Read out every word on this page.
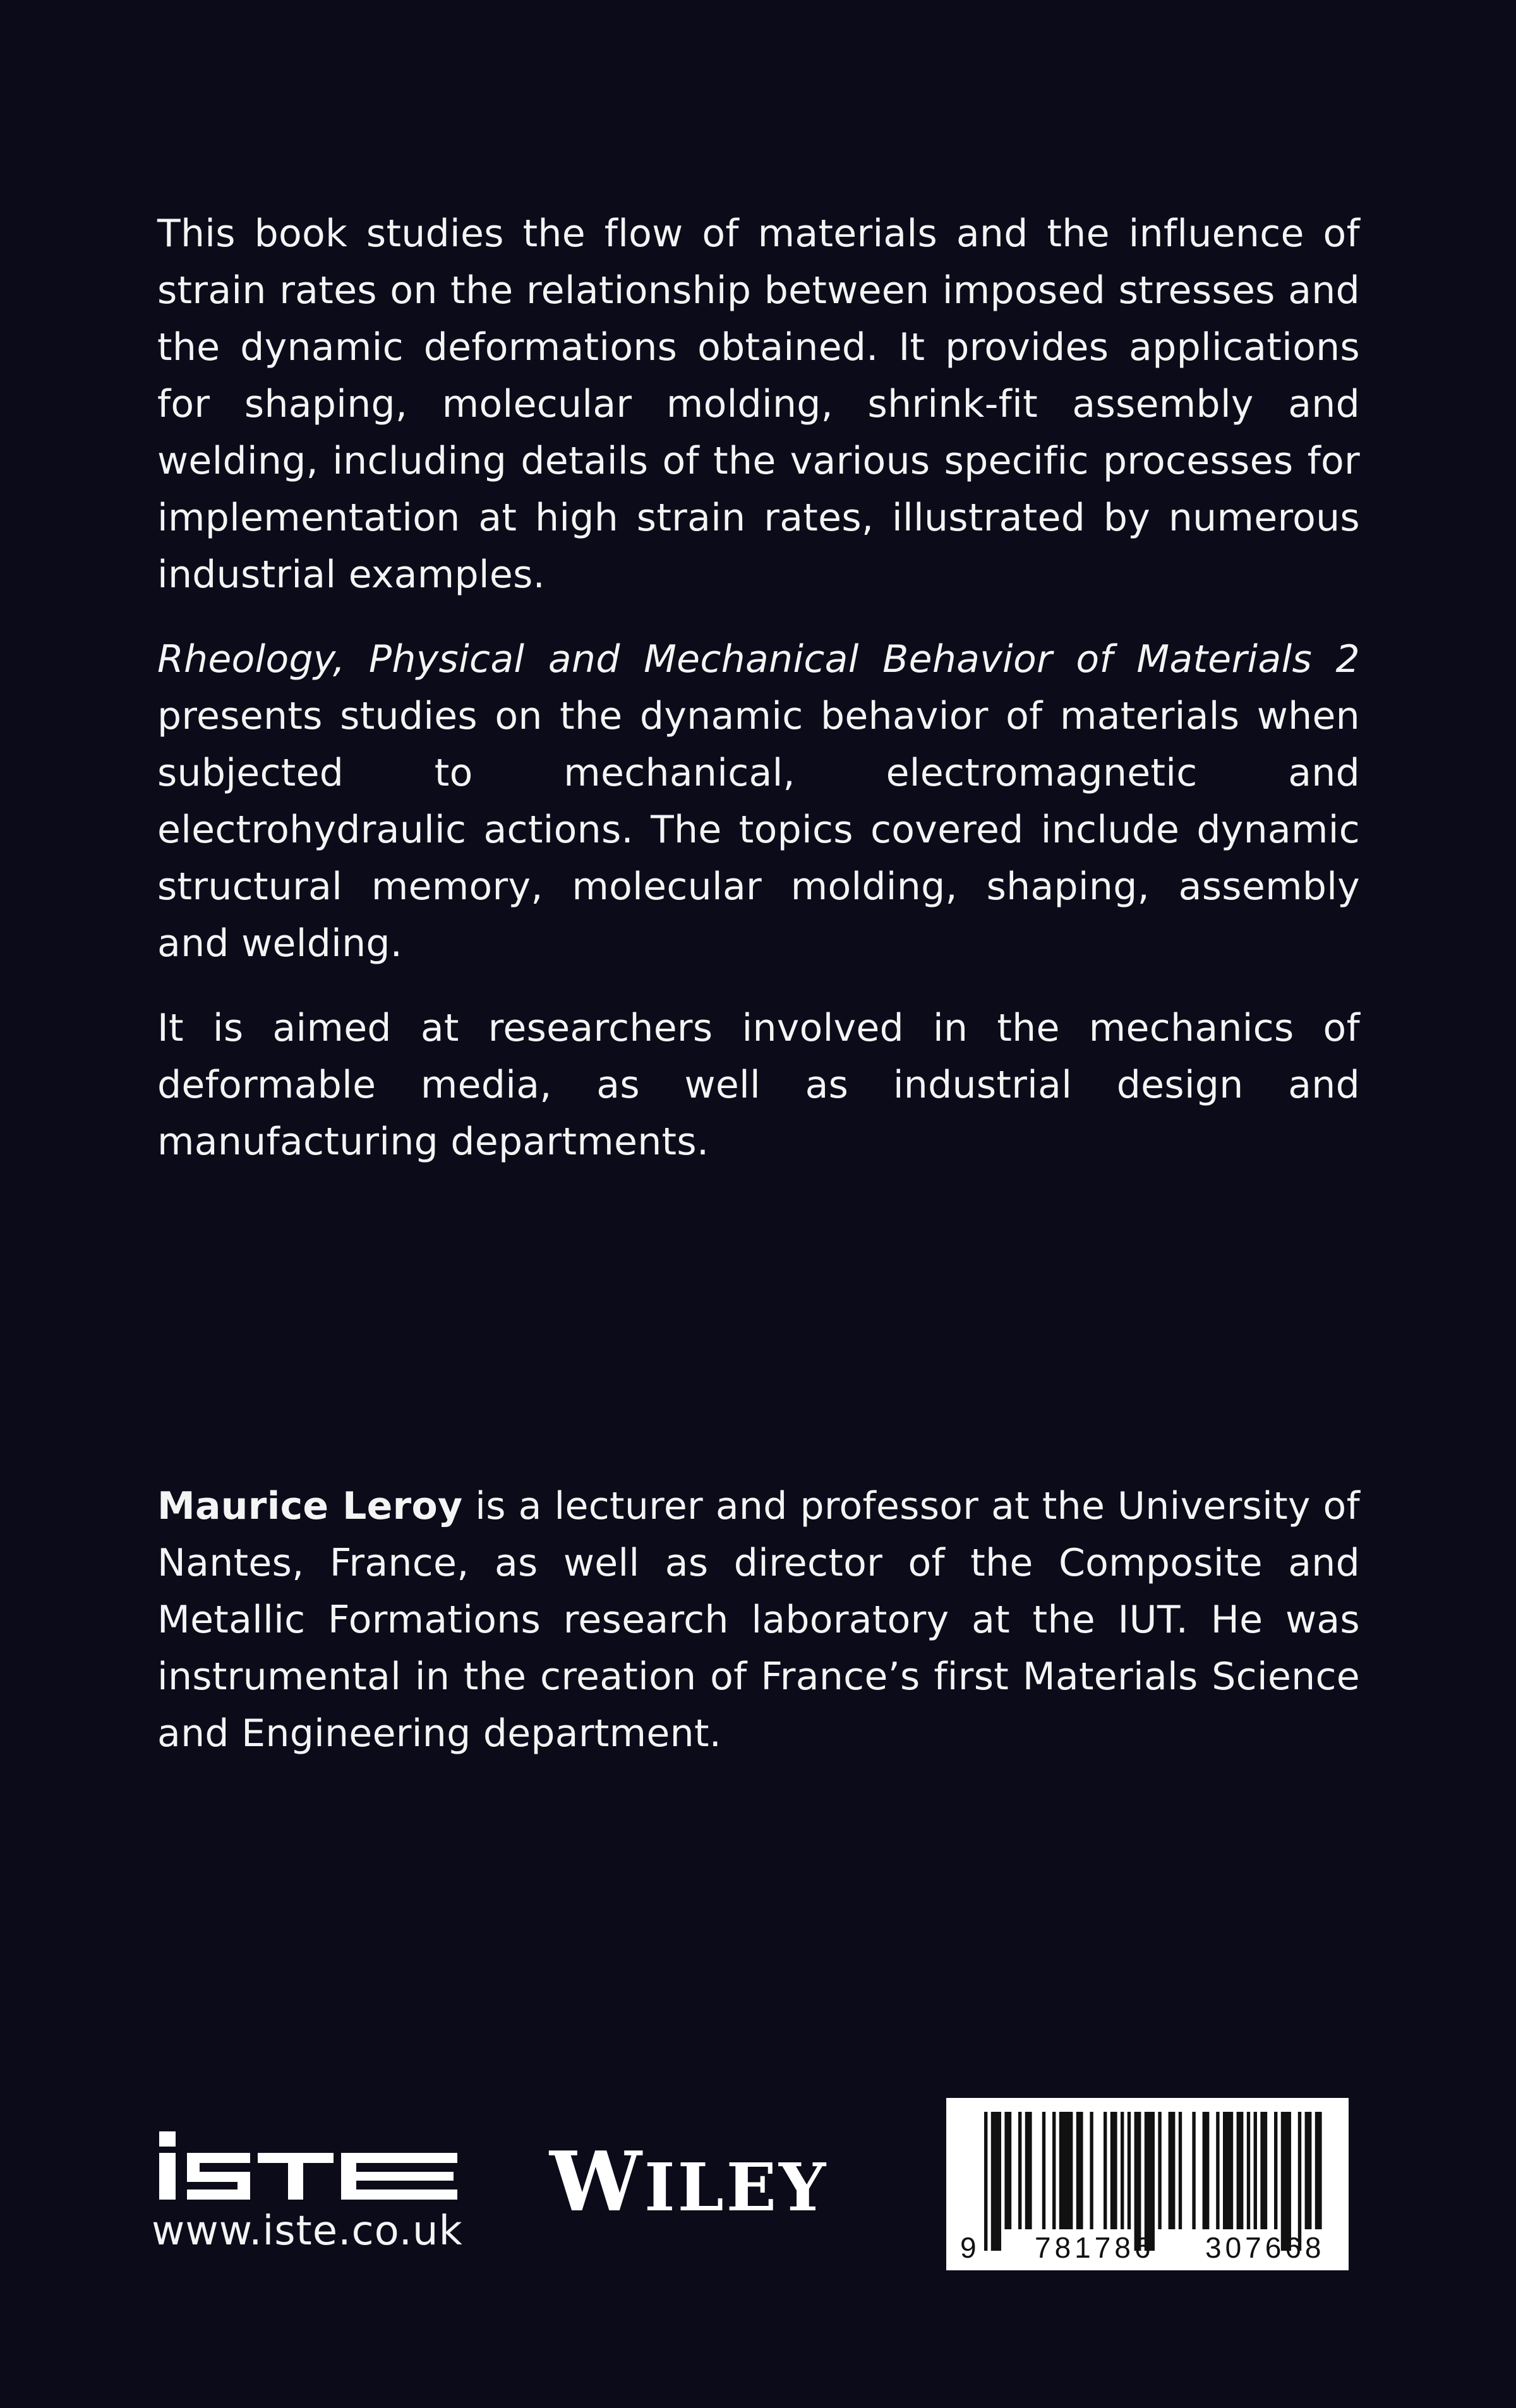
This book studies the flow of materials and the influence of strain rates on the relationship between imposed stresses and the dynamic deformations obtained. It provides applications for shaping, molecular molding, shrink-fit assembly and welding, including details of the various specific processes for implementation at high strain rates, illustrated by numerous industrial examples.

Rheology, Physical and Mechanical Behavior of Materials 2 presents studies on the dynamic behavior of materials when subjected to mechanical, electromagnetic and electrohydraulic actions. The topics covered include dynamic structural memory, molecular molding, shaping, assembly and welding.

It is aimed at researchers involved in the mechanics of deformable media, as well as industrial design and manufacturing departments.

Maurice Leroy is a lecturer and professor at the University of Nantes, France, as well as director of the Composite and Metallic Formations research laboratory at the IUT. He was instrumental in the creation of France’s first Materials Science and Engineering department.

www.iste.co.uk
WILEY
9 781786 307668
